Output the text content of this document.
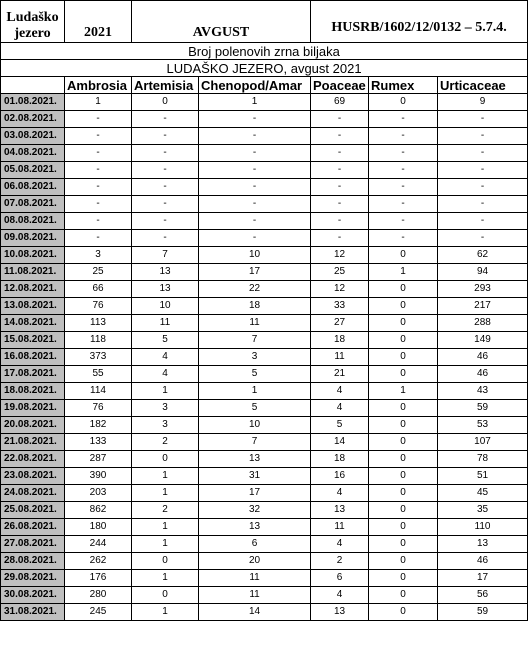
Ludaško
jezero	2021	AVGUST		HUSRB/1602/12/0132 – 5.7.4.		
Broj polenovih zrna biljaka						
LUDAŠKO JEZERO, avgust 2021						
	Ambrosia	Artemisia	Chenopod/Amar	Poaceae	Rumex	Urticaceae
01.08.2021.	1	0	1	69	0	9
02.08.2021.	-	-	-	-	-	-
03.08.2021.	-	-	-	-	-	-
04.08.2021.	-	-	-	-	-	-
05.08.2021.	-	-	-	-	-	-
06.08.2021.	-	-	-	-	-	-
07.08.2021.	-	-	-	-	-	-
08.08.2021.	-	-	-	-	-	-
09.08.2021.	-	-	-	-	-	-
10.08.2021.	3	7	10	12	0	62
11.08.2021.	25	13	17	25	1	94
12.08.2021.	66	13	22	12	0	293
13.08.2021.	76	10	18	33	0	217
14.08.2021.	113	11	11	27	0	288
15.08.2021.	118	5	7	18	0	149
16.08.2021.	373	4	3	11	0	46
17.08.2021.	55	4	5	21	0	46
18.08.2021.	114	1	1	4	1	43
19.08.2021.	76	3	5	4	0	59
20.08.2021.	182	3	10	5	0	53
21.08.2021.	133	2	7	14	0	107
22.08.2021.	287	0	13	18	0	78
23.08.2021.	390	1	31	16	0	51
24.08.2021.	203	1	17	4	0	45
25.08.2021.	862	2	32	13	0	35
26.08.2021.	180	1	13	11	0	110
27.08.2021.	244	1	6	4	0	13
28.08.2021.	262	0	20	2	0	46
29.08.2021.	176	1	11	6	0	17
30.08.2021.	280	0	11	4	0	56
31.08.2021.	245	1	14	13	0	59
